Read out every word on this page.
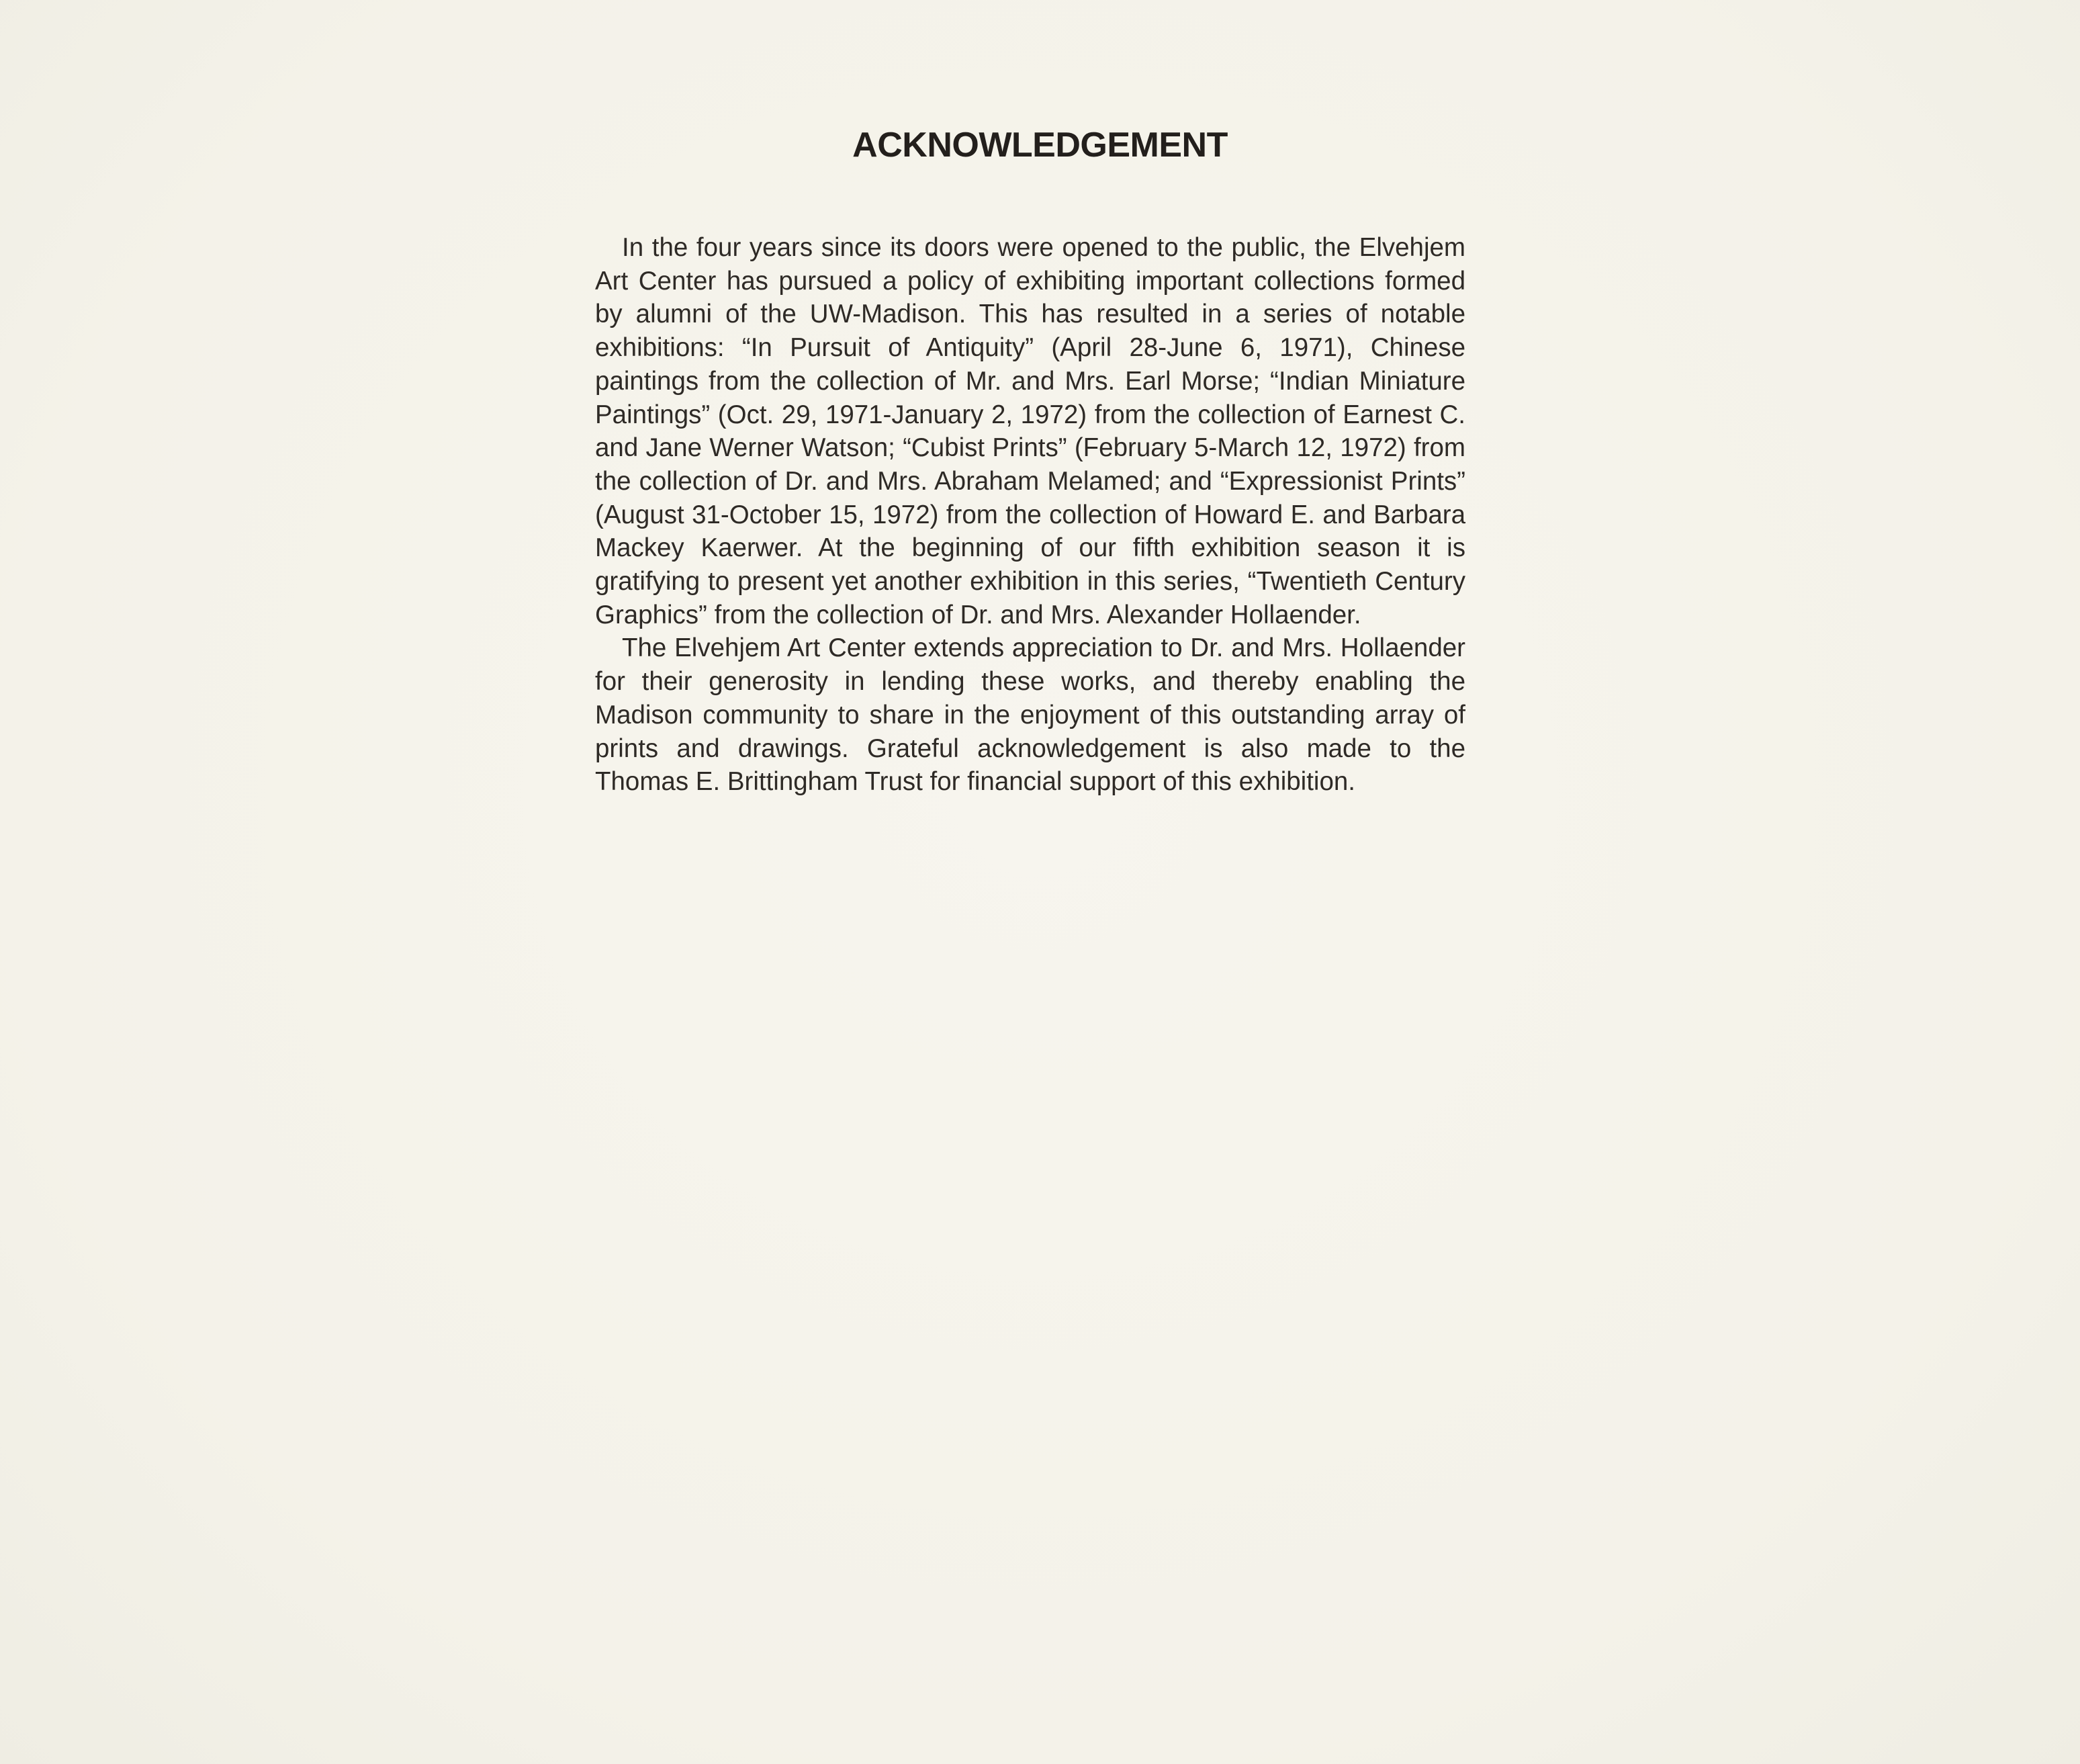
ACKNOWLEDGEMENT

In the four years since its doors were opened to the public, the Elvehjem Art Center has pursued a policy of exhibiting important collections formed by alumni of the UW-Madison. This has resulted in a series of notable exhibitions: “In Pursuit of Antiquity” (April 28-June 6, 1971), Chinese paintings from the collection of Mr. and Mrs. Earl Morse; “Indian Miniature Paintings” (Oct. 29, 1971-January 2, 1972) from the collection of Earnest C. and Jane Werner Watson; “Cubist Prints” (February 5-March 12, 1972) from the collection of Dr. and Mrs. Abraham Melamed; and “Expressionist Prints” (August 31-October 15, 1972) from the collection of Howard E. and Barbara Mackey Kaerwer. At the beginning of our fifth exhibition season it is gratifying to present yet another exhibition in this series, “Twentieth Century Graphics” from the collection of Dr. and Mrs. Alexander Hollaender.

The Elvehjem Art Center extends appreciation to Dr. and Mrs. Hollaender for their generosity in lending these works, and thereby enabling the Madison community to share in the enjoyment of this outstanding array of prints and drawings. Grateful acknowledgement is also made to the Thomas E. Brittingham Trust for financial support of this exhibition.
